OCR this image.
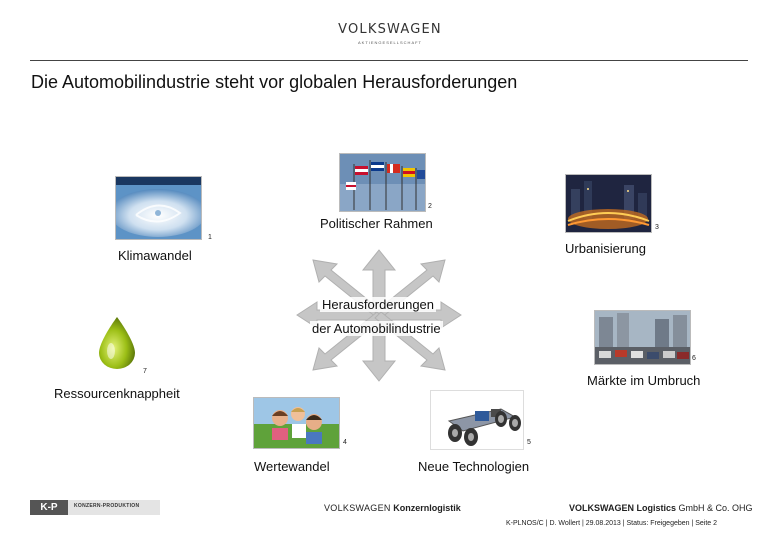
VOLKSWAGEN
AKTIENGESELLSCHAFT
Die Automobilindustrie steht vor globalen Herausforderungen
Herausforderungen
der Automobilindustrie
1
Klimawandel
2
Politischer Rahmen	3
Urbanisierung
7
Ressourcenknappheit
6
Märkte im Umbruch
4
Wertewandel
5
Neue Technologien
K-P	KONZERN-PRODUKTION	VOLKSWAGEN Konzernlogistik	VOLKSWAGEN Logistics GmbH & Co. OHG
K-PLNOS/C | D. Wollert | 29.08.2013 | Status: Freigegeben | Seite 2
